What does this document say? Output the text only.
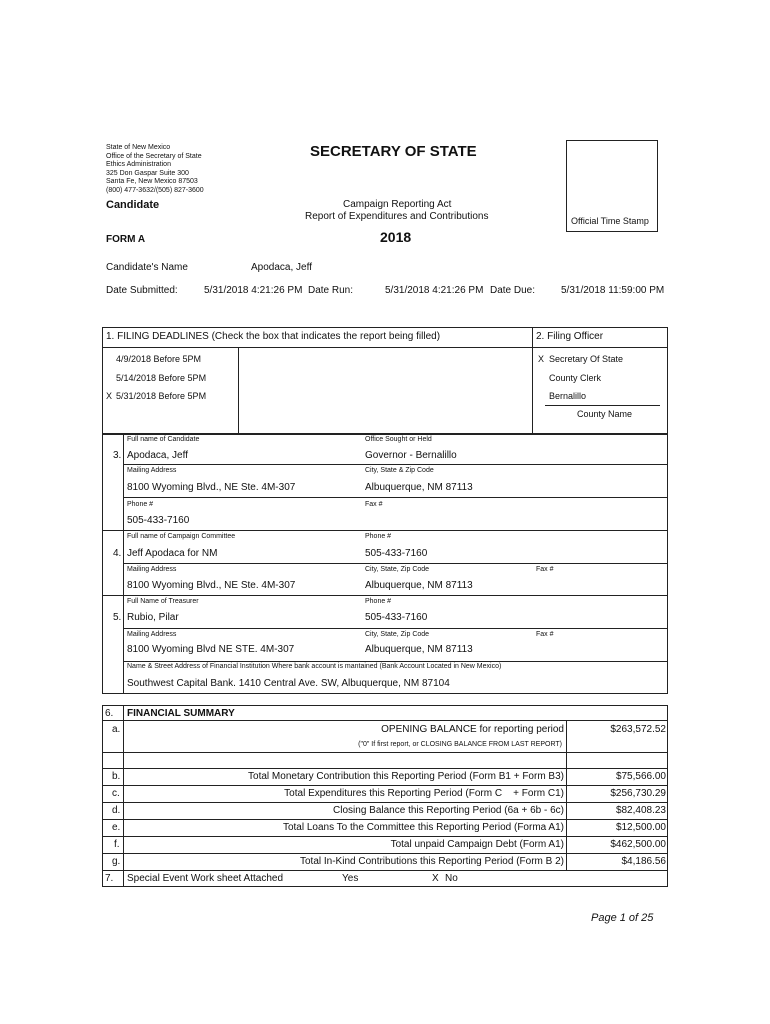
State of New Mexico
Office of the Secretary of State
Ethics Administration
325 Don Gaspar Suite 300
Santa Fe, New Mexico 87503
(800) 477-3632/(505) 827-3600
SECRETARY OF STATE
Campaign Reporting Act
Report of Expenditures and Contributions
2018
Candidate
FORM A
Official Time Stamp
Candidate's Name	Apodaca, Jeff
Date Submitted:	5/31/2018 4:21:26 PM Date Run:	5/31/2018 4:21:26 PM Date Due:	5/31/2018 11:59:00 PM
1. FILING DEADLINES (Check the box that indicates the report being filled)	2. Filing Officer
4/9/2018 Before 5PM
5/14/2018 Before 5PM
X 5/31/2018 Before 5PM
X Secretary Of State
County Clerk
Bernalillo
County Name
Full name of Candidate	Office Sought or Held
3. Apodaca, Jeff	Governor - Bernalillo
Mailing Address	City, State & Zip Code
8100 Wyoming Blvd., NE Ste. 4M-307	Albuquerque, NM 87113
Phone #	Fax #
505-433-7160
Full name of Campaign Committee	Phone #
4. Jeff Apodaca for NM	505-433-7160
Mailing Address	City, State, Zip Code	Fax #
8100 Wyoming Blvd., NE Ste. 4M-307	Albuquerque, NM 87113
Full Name of Treasurer	Phone #
5. Rubio, Pilar	505-433-7160
Mailing Address	City, State, Zip Code	Fax #
8100 Wyoming Blvd NE STE. 4M-307	Albuquerque, NM 87113
Name & Street Address of Financial Institution Where bank account is mantained (Bank Account Located in New Mexico)
Southwest Capital Bank. 1410 Central Ave. SW, Albuquerque, NM 87104
6. FINANCIAL SUMMARY
a.	OPENING BALANCE for reporting period	$263,572.52
("0" If first report, or CLOSING BALANCE FROM LAST REPORT)
b.	Total Monetary Contribution this Reporting Period (Form B1 + Form B3)	$75,566.00
c.	Total Expenditures this Reporting Period (Form C    + Form C1)	$256,730.29
d.	Closing Balance this Reporting Period (6a + 6b - 6c)	$82,408.23
e.	Total Loans To the Committee this Reporting Period (Forma A1)	$12,500.00
f.	Total unpaid Campaign Debt (Form A1)	$462,500.00
g.	Total In-Kind Contributions this Reporting Period (Form B 2)	$4,186.56
7. Special Event Work sheet Attached	Yes	X No
Page 1 of 25
